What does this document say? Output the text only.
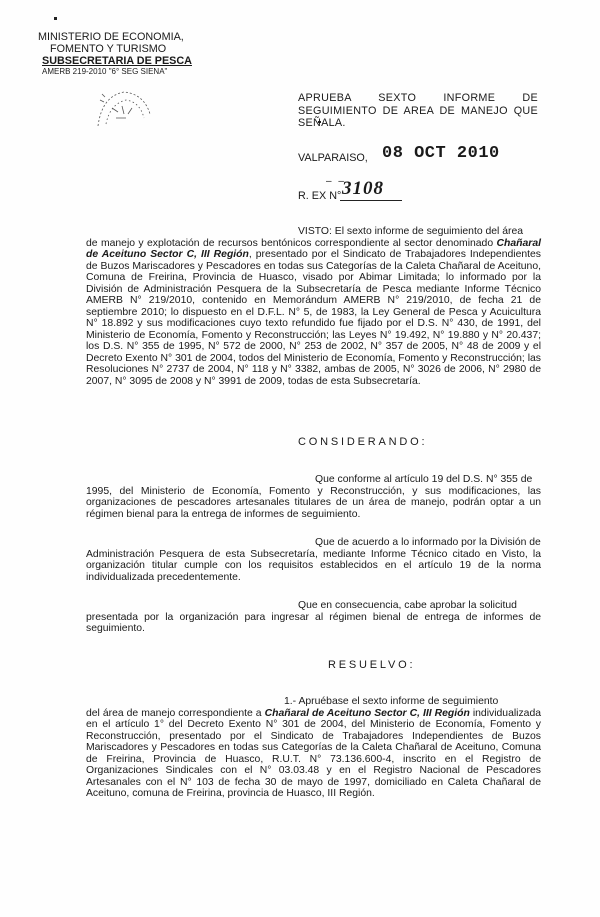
MINISTERIO DE ECONOMIA,
FOMENTO Y TURISMO
SUBSECRETARIA DE PESCA
AMERB 219-2010 "6° SEG SIENA"
APRUEBA SEXTO INFORME DE SEGUIMIENTO DE AREA DE MANEJO QUE SEÑALA.
VALPARAISO, 08 OCT 2010
– –
R. EX N° 3108
VISTO: El sexto informe de seguimiento del área
de manejo y explotación de recursos bentónicos correspondiente al sector denominado Chañaral de Aceituno Sector C, III Región, presentado por el Sindicato de Trabajadores Independientes de Buzos Mariscadores y Pescadores en todas sus Categorías de la Caleta Chañaral de Aceituno, Comuna de Freirina, Provincia de Huasco, visado por Abimar Limitada; lo informado por la División de Administración Pesquera de la Subsecretaría de Pesca mediante Informe Técnico AMERB N° 219/2010, contenido en Memorándum AMERB N° 219/2010, de fecha 21 de septiembre 2010; lo dispuesto en el D.F.L. N° 5, de 1983, la Ley General de Pesca y Acuicultura N° 18.892 y sus modificaciones cuyo texto refundido fue fijado por el D.S. N° 430, de 1991, del Ministerio de Economía, Fomento y Reconstrucción; las Leyes N° 19.492, N° 19.880 y N° 20.437; los D.S. N° 355 de 1995, N° 572 de 2000, N° 253 de 2002, N° 357 de 2005, N° 48 de 2009 y el Decreto Exento N° 301 de 2004, todos del Ministerio de Economía, Fomento y Reconstrucción; las Resoluciones N° 2737 de 2004, N° 118 y N° 3382, ambas de 2005, N° 3026 de 2006, N° 2980 de 2007, N° 3095 de 2008 y N° 3991 de 2009, todas de esta Subsecretaría.
CONSIDERANDO:
Que conforme al artículo 19 del D.S. N° 355 de
1995, del Ministerio de Economía, Fomento y Reconstrucción, y sus modificaciones, las organizaciones de pescadores artesanales titulares de un área de manejo, podrán optar a un régimen bienal para la entrega de informes de seguimiento.
Que de acuerdo a lo informado por la División de
Administración Pesquera de esta Subsecretaría, mediante Informe Técnico citado en Visto, la organización titular cumple con los requisitos establecidos en el artículo 19 de la norma individualizada precedentemente.
Que en consecuencia, cabe aprobar la solicitud
presentada por la organización para ingresar al régimen bienal de entrega de informes de seguimiento.
RESUELVO:
1.- Apruébase el sexto informe de seguimiento
del área de manejo correspondiente a Chañaral de Aceituno Sector C, III Región individualizada en el artículo 1° del Decreto Exento N° 301 de 2004, del Ministerio de Economía, Fomento y Reconstrucción, presentado por el Sindicato de Trabajadores Independientes de Buzos Mariscadores y Pescadores en todas sus Categorías de la Caleta Chañaral de Aceituno, Comuna de Freirina, Provincia de Huasco, R.U.T. N° 73.136.600-4, inscrito en el Registro de Organizaciones Sindicales con el N° 03.03.48 y en el Registro Nacional de Pescadores Artesanales con el N° 103 de fecha 30 de mayo de 1997, domiciliado en Caleta Chañaral de Aceituno, comuna de Freirina, provincia de Huasco, III Región.
